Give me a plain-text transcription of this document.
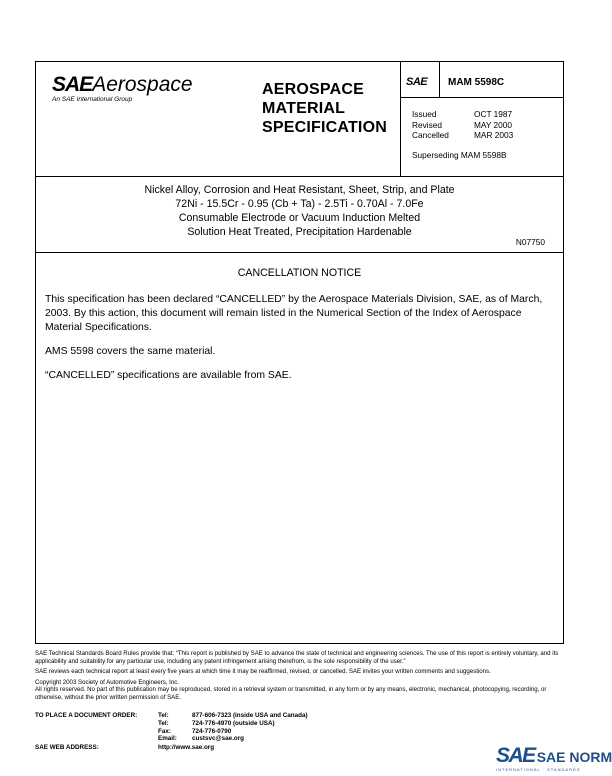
SAEAerospace
An SAE International Group
AEROSPACE
MATERIAL
SPECIFICATION
SAE MAM 5598C
Issued	OCT 1987
Revised	MAY 2000
Cancelled	MAR 2003
Superseding MAM 5598B
Nickel Alloy, Corrosion and Heat Resistant, Sheet, Strip, and Plate
72Ni - 15.5Cr - 0.95 (Cb + Ta) - 2.5Ti - 0.70Al - 7.0Fe
Consumable Electrode or Vacuum Induction Melted
Solution Heat Treated, Precipitation Hardenable
N07750
CANCELLATION NOTICE

This specification has been declared “CANCELLED” by the Aerospace Materials Division, SAE, as of March, 2003. By this action, this document will remain listed in the Numerical Section of the Index of Aerospace Material Specifications.

AMS 5598 covers the same material.

“CANCELLED” specifications are available from SAE.

SAE Technical Standards Board Rules provide that: “This report is published by SAE to advance the state of technical and engineering sciences. The use of this report is entirely voluntary, and its applicability and suitability for any particular use, including any patent infringement arising therefrom, is the sole responsibility of the user.”

SAE reviews each technical report at least every five years at which time it may be reaffirmed, revised, or cancelled. SAE invites your written comments and suggestions.

Copyright 2003 Society of Automotive Engineers, Inc.
All rights reserved. No part of this publication may be reproduced, stored in a retrieval system or transmitted, in any form or by any means, electronic, mechanical, photocopying, recording, or otherwise, without the prior written permission of SAE.
TO PLACE A DOCUMENT ORDER:	Tel:	877-606-7323 (inside USA and Canada)
Tel:	724-776-4970 (outside USA)
Fax:	724-776-0790
Email:	custsvc@sae.org
SAE WEB ADDRESS:	http://www.sae.org	SAE SAE NORM
INTERNATIONAL · STANDARDS
